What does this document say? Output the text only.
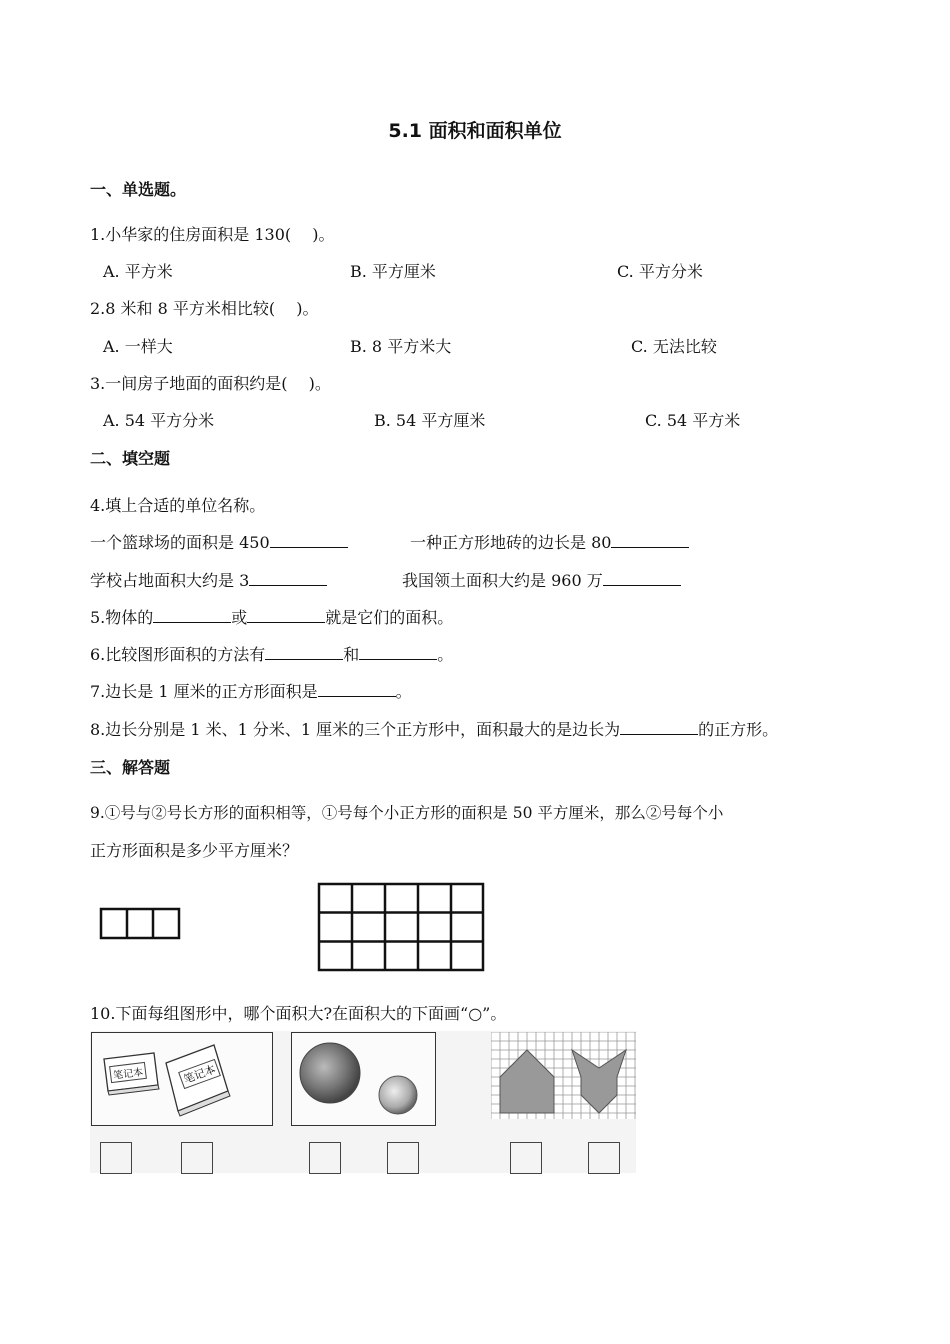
5.1 面积和面积单位
一、单选题。
1.小华家的住房面积是 130(　 )。
A. 平方米	B. 平方厘米	C. 平方分米
2.8 米和 8 平方米相比较(　 )。
A. 一样大	B. 8 平方米大	C. 无法比较
3.一间房子地面的面积约是(　 )。
A. 54 平方分米	B. 54 平方厘米	C. 54 平方米
二、填空题
4.填上合适的单位名称。
一个篮球场的面积是 450	一种正方形地砖的边长是 80
学校占地面积大约是 3	我国领土面积大约是 960 万
5.物体的	或	就是它们的面积。
6.比较图形面积的方法有	和	。
7.边长是 1 厘米的正方形面积是	。
8.边长分别是 1 米、1 分米、1 厘米的三个正方形中，面积最大的是边长为	的正方形。
三、解答题
9.①号与②号长方形的面积相等，①号每个小正方形的面积是 50 平方厘米，那么②号每个小
正方形面积是多少平方厘米？
10.下面每组图形中，哪个面积大?在面积大的下面画“○”。
笔记本	笔记本
